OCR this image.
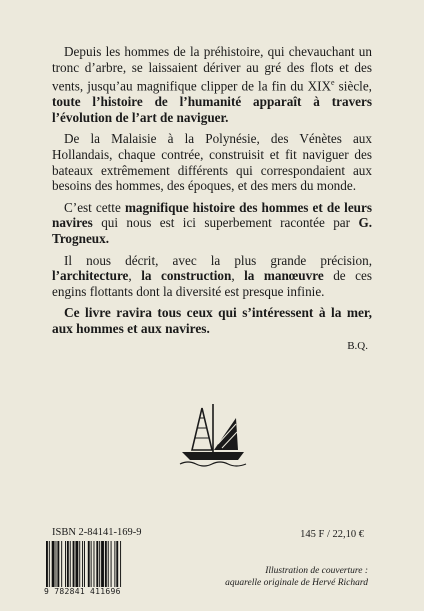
Depuis les hommes de la préhistoire, qui chevauchant un tronc d’arbre, se laissaient dériver au gré des flots et des vents, jusqu’au magnifique clipper de la fin du XIXe siècle, toute l’histoire de l’humanité apparaît à travers l’évolution de l’art de naviguer.

De la Malaisie à la Polynésie, des Vénètes aux Hollandais, chaque contrée, construisit et fit naviguer des bateaux extrêmement différents qui correspondaient aux besoins des hommes, des époques, et des mers du monde.

C’est cette magnifique histoire des hommes et de leurs navires qui nous est ici superbement racontée par G. Trogneux.

Il nous décrit, avec la plus grande précision, l’architecture, la construction, la manœuvre de ces engins flottants dont la diversité est presque infinie.

Ce livre ravira tous ceux qui s’intéressent à la mer, aux hommes et aux navires.

B.Q.
ISBN 2-84141-169-9
9 782841 411696
145 F / 22,10 €
Illustration de couverture :
aquarelle originale de Hervé Richard
